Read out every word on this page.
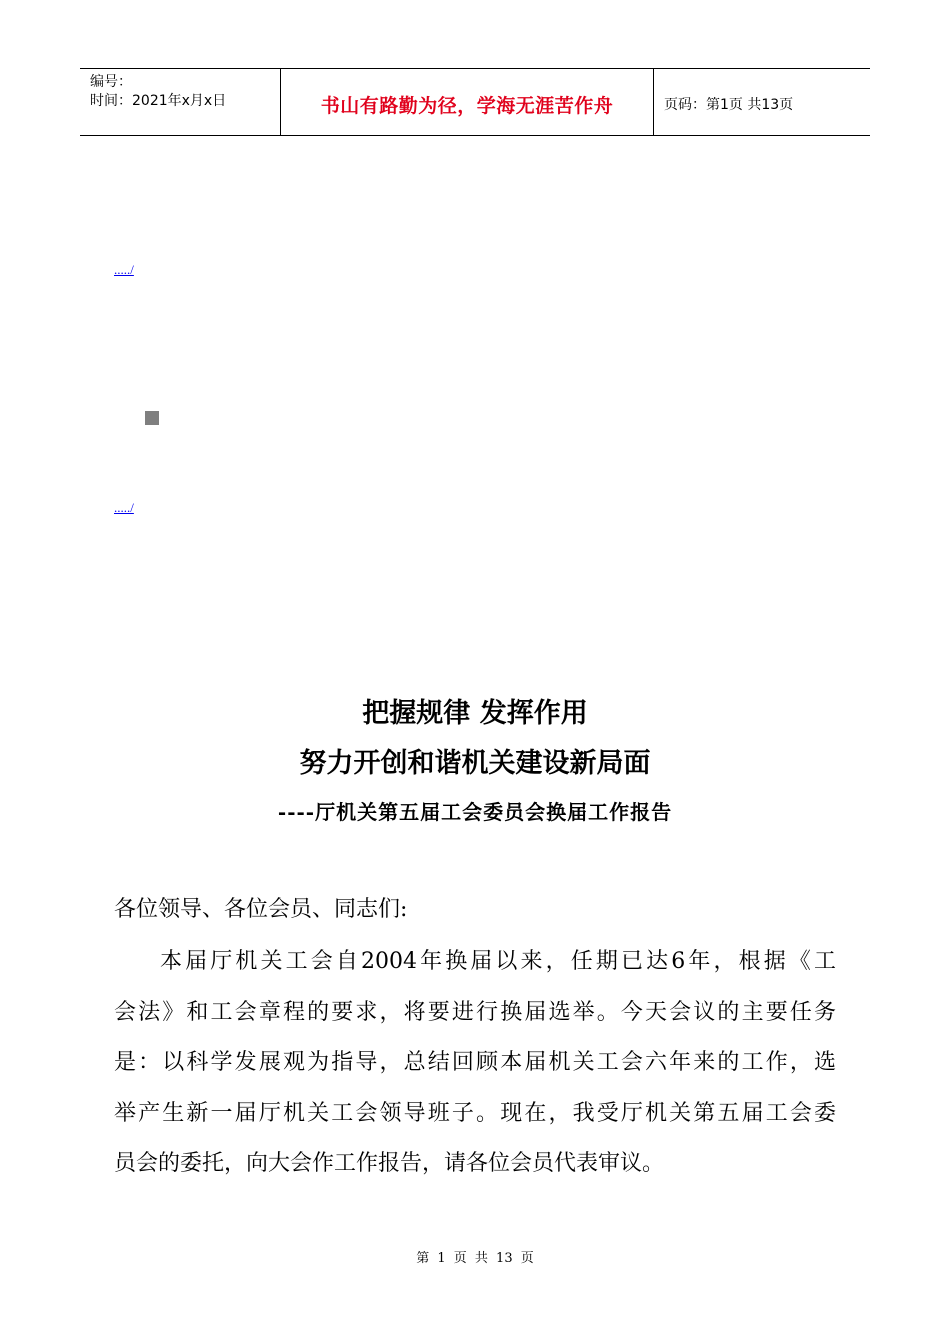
编号：
时间：2021年x月x日	书山有路勤为径，学海无涯苦作舟	页码：第1页 共13页
...../
...../
把握规律 发挥作用
努力开创和谐机关建设新局面
----厅机关第五届工会委员会换届工作报告
各位领导、各位会员、同志们:
本届厅机关工会自2004年换届以来，任期已达6年，根据《工
会法》和工会章程的要求，将要进行换届选举。今天会议的主要任务
是：以科学发展观为指导，总结回顾本届机关工会六年来的工作，选
举产生新一届厅机关工会领导班子。现在，我受厅机关第五届工会委
员会的委托，向大会作工作报告，请各位会员代表审议。
第 1 页 共 13 页
